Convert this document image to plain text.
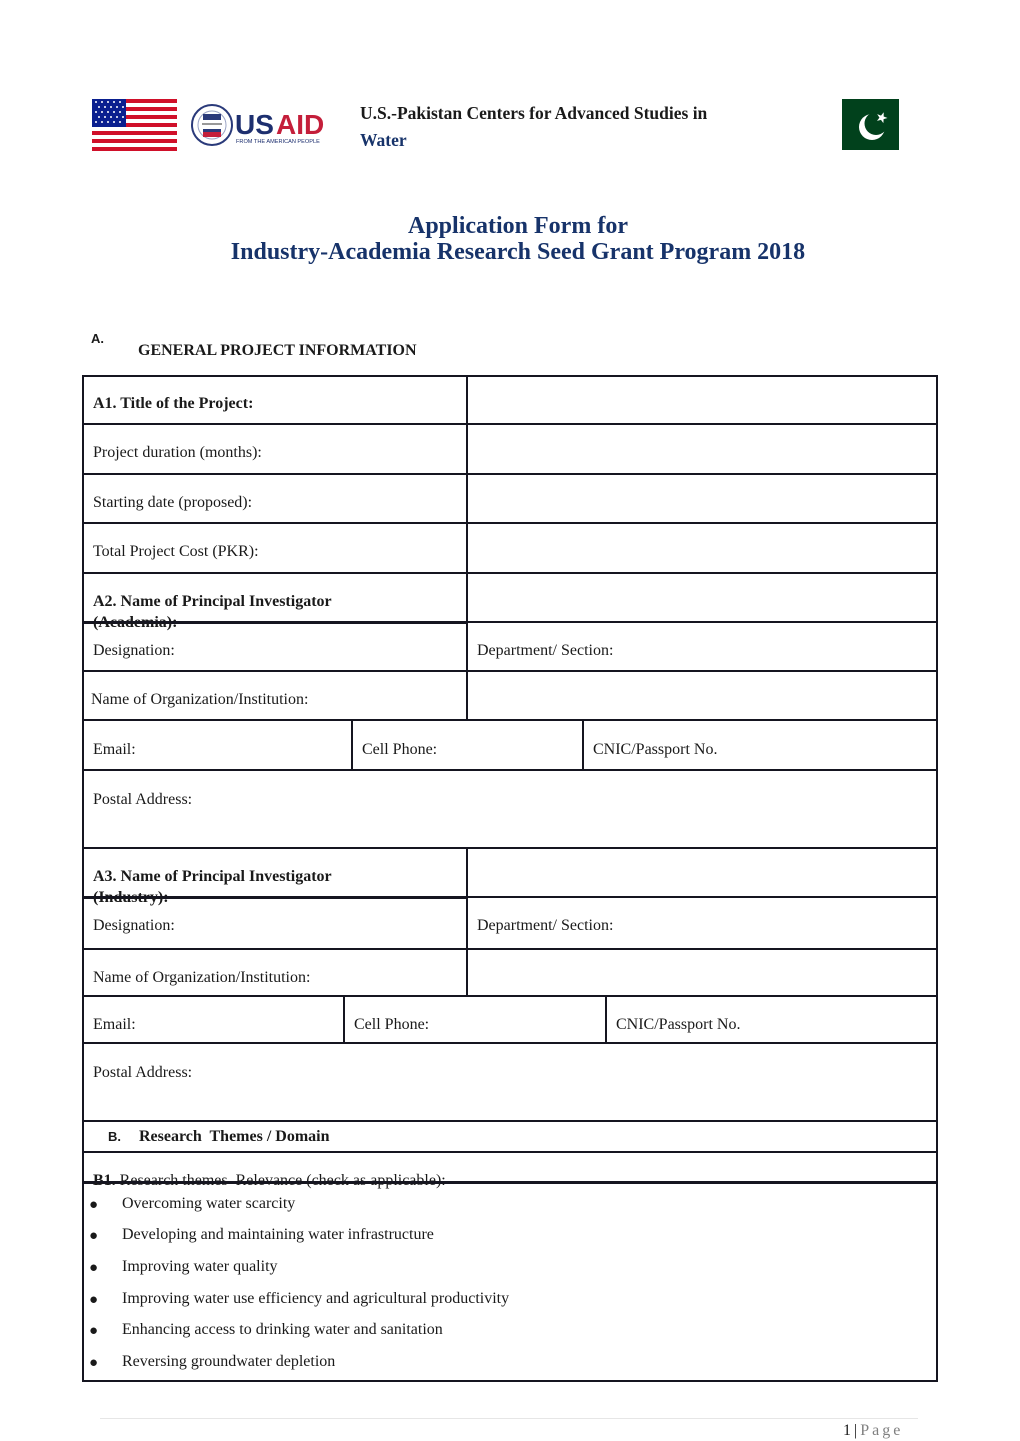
US AID
FROM THE AMERICAN PEOPLE
U.S.-Pakistan Centers for Advanced Studies in
Water
Application Form for
Industry-Academia Research Seed Grant Program 2018
A.
GENERAL PROJECT INFORMATION
A1. Title of the Project:
Project duration (months):
Starting date (proposed):
Total Project Cost (PKR):
A2. Name of Principal Investigator
(Academia):
Designation:	Department/ Section:
Name of Organization/Institution:
Email:	Cell Phone:	CNIC/Passport No.
Postal Address:
A3. Name of Principal Investigator
(Industry):
Designation:	Department/ Section:
Name of Organization/Institution:
Email:	Cell Phone:	CNIC/Passport No.
Postal Address:
B. Research  Themes / Domain
● Overcoming water scarcity
● Developing and maintaining water infrastructure
● Improving water quality
● Improving water use efficiency and agricultural productivity
● Enhancing access to drinking water and sanitation
● Reversing groundwater depletion
1 | Page
